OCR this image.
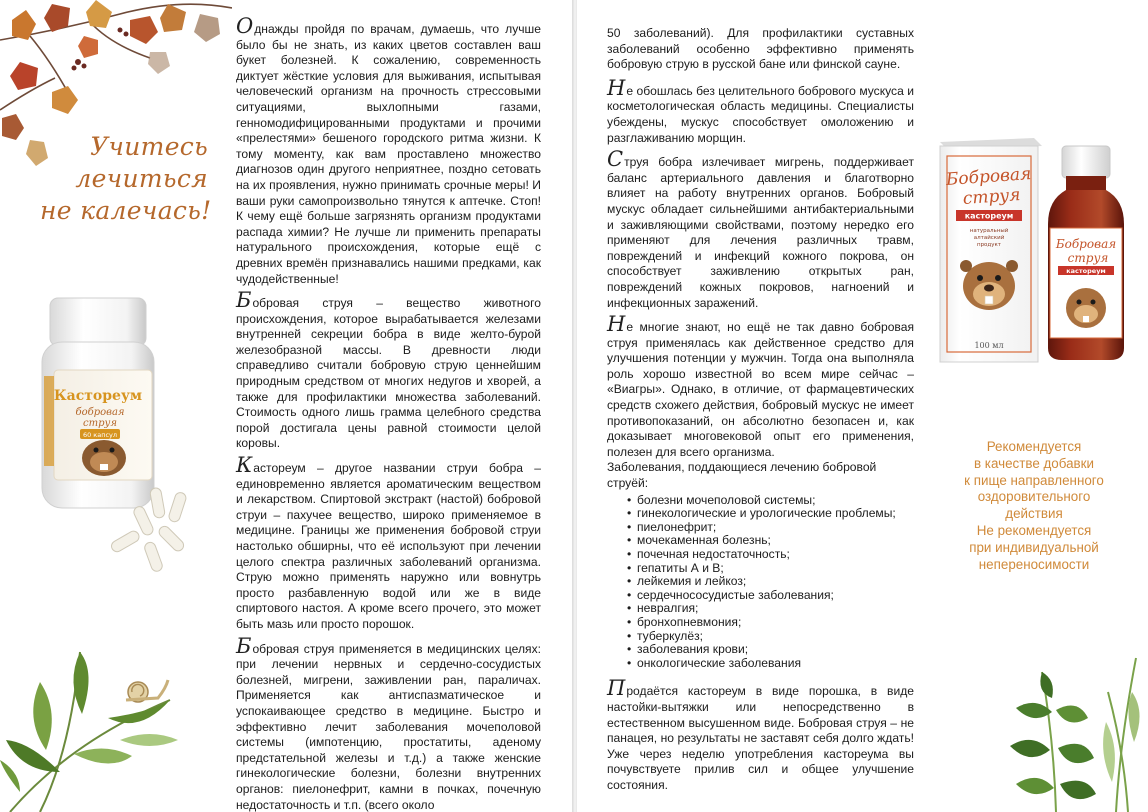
Учитесь
лечиться
не калечась!
Кастореум
бобровая
струя
60 капсул

Однажды пройдя по врачам, думаешь, что лучше было бы не знать, из каких цветов составлен ваш букет болезней. К сожалению, современность диктует жёсткие условия для выживания, испытывая человеческий организм на прочность стрессовыми ситуациями, выхлопными газами, генномодифицированными продуктами и прочими «прелестями» бешеного городского ритма жизни. К тому моменту, как вам проставлено множество диагнозов один другого неприятнее, поздно сетовать на их проявления, нужно принимать срочные меры! И ваши руки самопроизвольно тянутся к аптечке. Стоп! К чему ещё больше загрязнять организм продуктами распада химии? Не лучше ли применить препараты натурального происхождения, которые ещё с древних времён признавались нашими предками, как чудодейственные!

Бобровая струя – вещество животного происхождения, которое вырабатывается железами внутренней секреции бобра в виде желто-бурой железобразной массы. В древности люди справедливо считали бобровую струю ценнейшим природным средством от многих недугов и хворей, а также для профилактики множества заболеваний. Стоимость одного лишь грамма целебного средства порой достигала цены равной стоимости целой коровы.

Кастореум – другое названии струи бобра – единовременно является ароматическим веществом и лекарством. Спиртовой экстракт (настой) бобровой струи – пахучее вещество, широко применяемое в медицине. Границы же применения бобровой струи настолько обширны, что её используют при лечении целого спектра различных заболеваний организма. Струю можно применять наружно или вовнутрь просто разбавленную водой или же в виде спиртового настоя. А кроме всего прочего, это может быть мазь или просто порошок.

Бобровая струя применяется в медицинских целях: при лечении нервных и сердечно-сосудистых болезней, мигрени, заживлении ран, параличах. Применяется как антиспазматическое и успокаивающее средство в медицине. Быстро и эффективно лечит заболевания мочеполовой системы (импотенцию, простатиты, аденому предстательной железы и т.д.) а также женские гинекологические болезни, болезни внутренних органов: пиелонефрит, камни в почках, почечную недостаточность и т.п. (всего около

50 заболеваний). Для профилактики суставных заболеваний особенно эффективно применять бобровую струю в русской бане или финской сауне.

Не обошлась без целительного бобрового мускуса и косметологическая область медицины. Специалисты убеждены, мускус способствует омоложению и разглаживанию морщин.

Струя бобра излечивает мигрень, поддерживает баланс артериального давления и благотворно влияет на работу внутренних органов. Бобровый мускус обладает сильнейшими антибактериальными и заживляющими свойствами, поэтому нередко его применяют для лечения различных травм, повреждений и инфекций кожного покрова, он способствует заживлению открытых ран, повреждений кожных покровов, нагноений и инфекционных заражений.

Не многие знают, но ещё не так давно бобровая струя применялась как действенное средство для улучшения потенции у мужчин. Тогда она выполняла роль хорошо известной во всем мире сейчас – «Виагры». Однако, в отличие, от фармацевтических средств схожего действия, бобровый мускус не имеет противопоказаний, он абсолютно безопасен и, как доказывает многовековой опыт его применения, полезен для всего организма.

Заболевания, поддающиеся лечению бобровой струёй:

• болезни мочеполовой системы;
• гинекологические и урологические проблемы;
• пиелонефрит;
• мочекаменная болезнь;
• почечная недостаточность;
• гепатиты А и В;
• лейкемия и лейкоз;
• сердечнососудистые заболевания;
• невралгия;
• бронхопневмония;
• туберкулёз;
• заболевания крови;
• онкологические заболевания

Продаётся кастореум в виде порошка, в виде настойки-вытяжки или непосредственно в естественном высушенном виде. Бобровая струя – не панацея, но результаты не заставят себя долго ждать! Уже через неделю употребления кастореума вы почувствуете прилив сил и общее улучшение состояния.

Бобровая
струя
кастореум
натуральный
алтайский
продукт
100 мл
Бобровая
струя
кастореум
Рекомендуется
в качестве добавки
к пище направленного
оздоровительного
действия
Не рекомендуется
при индивидуальной
непереносимости
